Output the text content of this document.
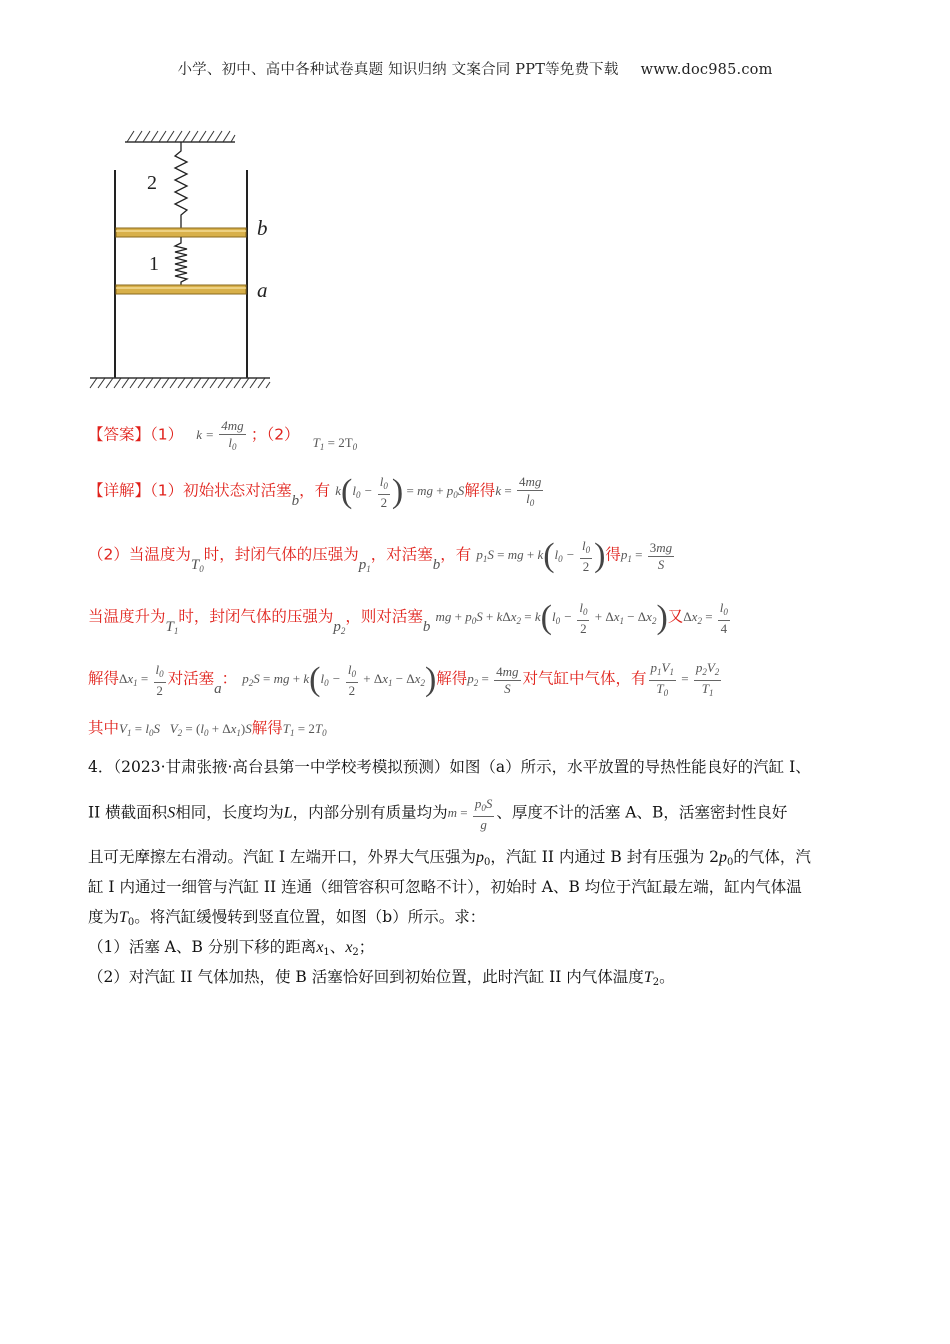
小学、初中、高中各种试卷真题 知识归纳 文案合同 PPT等免费下载 www.doc985.com
2
1
b
a
【答案】（1） $k = \frac{4mg}{l_0}$ ；（2） $_{T_1 = 2T_0}$
【详解】（1）初始状态对活塞b，有 $k(l_0 - \frac{l_0}{2}$ ) = mg + $p_0S$解得$k = \frac{4mg}{l_0}$
（2）当温度为$T_0$时，封闭气体的压强为$p_1$，对活塞b，有 $p_1S$ = mg + $k(l_0 - \frac{l_0}{2}$ )得$p_1 = \frac{3mg}{S}$
当温度升为$T_1$时，封闭气体的压强为$p_2$，则对活塞b mg + $p_0S + k\Delta x_2 = k(l_0 - \frac{l_0}{2} + \Delta x_1 - \Delta x_2)$又$\Delta x_2 = \frac{l_0}{4}$
解得$\Delta x_1 = \frac{l_0}{2}$ 对活塞a： $p_2S$ = mg + $k(l_0 - \frac{l_0}{2} + \Delta x_1 - \Delta x_2)$解得$p_2 = \frac{4mg}{S}$ 对气缸中气体，有 $\frac{p_1V_1}{T_0} = \frac{p_2V_2}{T_1}$
其中$V_1 = l_0S$   $V_2 = (l_0 + \Delta x_1)S$解得$T_1 = 2T_0$
4．（2023·甘肃张掖·高台县第一中学校考模拟预测）如图（a）所示，水平放置的导热性能良好的汽缸 I、
II 横截面积S相同，长度均为L，内部分别有质量均为$m = \frac{p_0S}{g}$ 、厚度不计的活塞 A、B，活塞密封性良好
且可无摩擦左右滑动。汽缸 I 左端开口，外界大气压强为p0，汽缸 II 内通过 B 封有压强为 2p0的气体，汽
缸 I 内通过一细管与汽缸 II 连通（细管容积可忽略不计），初始时 A、B 均位于汽缸最左端，缸内气体温
度为T0。将汽缸缓慢转到竖直位置，如图（b）所示。求：
（1）活塞 A、B 分别下移的距离x1、x2；
（2）对汽缸 II 气体加热，使 B 活塞恰好回到初始位置，此时汽缸 II 内气体温度T2。
